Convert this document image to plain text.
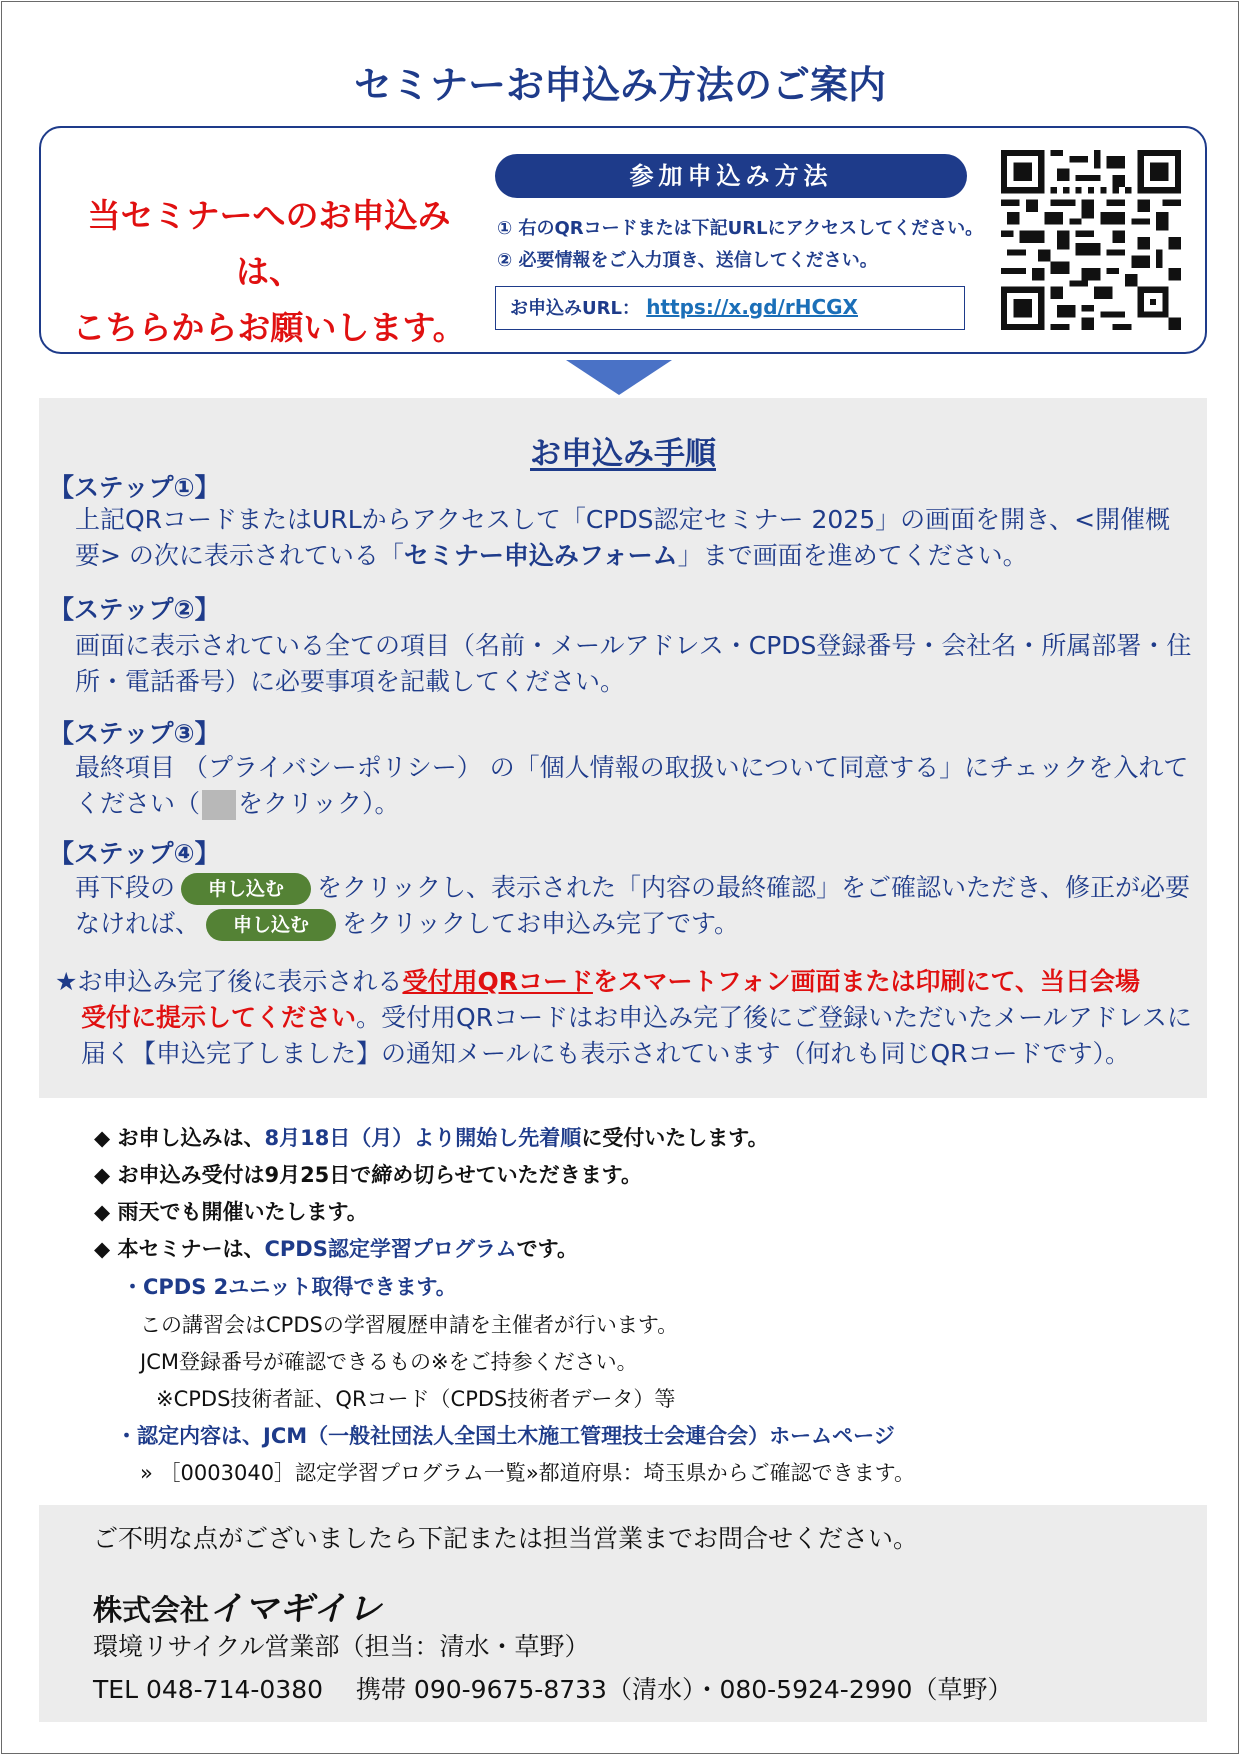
セミナーお申込み方法のご案内
当セミナーへのお申込みは、
こちらからお願いします。
参加申込み方法
① 右のQRコードまたは下記URLにアクセスしてください。
② 必要情報をご入力頂き、送信してください。
お申込みURL： https://x.gd/rHCGX
お申込み手順
【ステップ①】
上記QRコードまたはURLからアクセスして「CPDS認定セミナー 2025」の画面を開き、<開催概要> の次に表示されている「セミナー申込みフォーム」まで画面を進めてください。
【ステップ②】
画面に表示されている全ての項目（名前・メールアドレス・CPDS登録番号・会社名・所属部署・住所・電話番号）に必要事項を記載してください。
【ステップ③】
最終項目 （プライバシーポリシー） の「個人情報の取扱いについて同意する」にチェックを入れてください（ をクリック）。
【ステップ④】
再下段の 申し込む をクリックし、表示された「内容の最終確認」をご確認いただき、修正が必要
なければ、 申し込む をクリックしてお申込み完了です。
★お申込み完了後に表示される受付用QRコードをスマートフォン画面または印刷にて、当日会場
受付に提示してください。受付用QRコードはお申込み完了後にご登録いただいたメールアドレスに
届く【申込完了しました】の通知メールにも表示されています（何れも同じQRコードです）。
◆ お申し込みは、8月18日（月）より開始し先着順に受付いたします。
◆ お申込み受付は9月25日で締め切らせていただきます。
◆ 雨天でも開催いたします。
◆ 本セミナーは、CPDS認定学習プログラムです。
・CPDS 2ユニット取得できます。
この講習会はCPDSの学習履歴申請を主催者が行います。
JCM登録番号が確認できるもの※をご持参ください。
※CPDS技術者証、QRコード（CPDS技術者データ）等
・認定内容は、JCM（一般社団法人全国土木施工管理技士会連合会）ホームページ
» ［0003040］認定学習プログラム一覧»都道府県：埼玉県からご確認できます。
ご不明な点がございましたら下記または担当営業までお問合せください。
株式会社イマギイレ
環境リサイクル営業部（担当：清水・草野）
TEL 048-714-0380　 携帯 090-9675-8733（清水）・080-5924-2990（草野）
